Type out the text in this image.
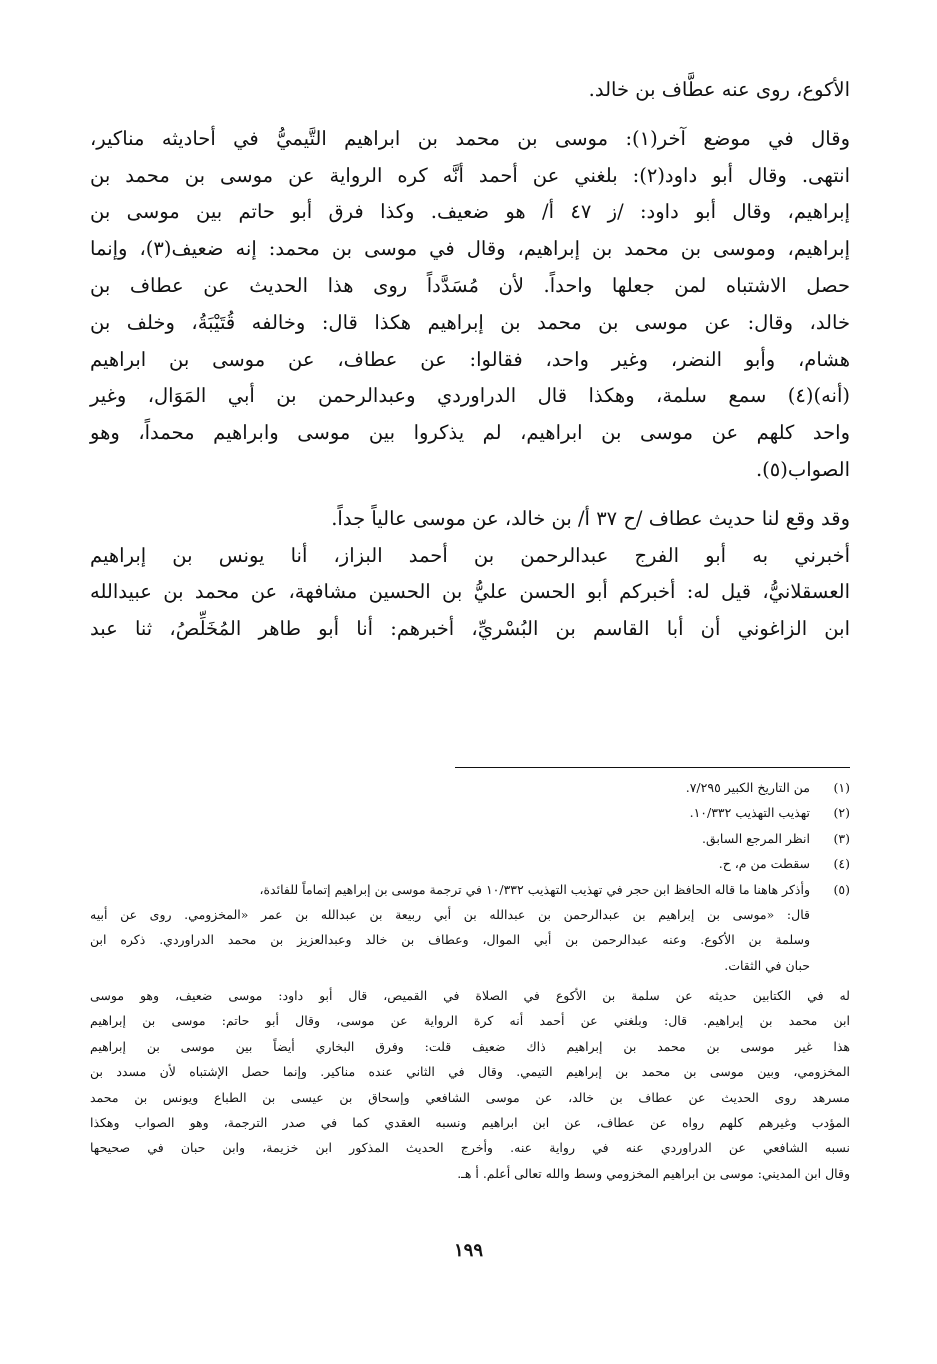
الأكوع، روى عنه عطَّاف بن خالد.

وقال في موضع آخر(١): موسى بن محمد بن ابراهيم التَّيميُّ في أحاديثه مناكير،
انتهى. وقال أبو داود(٢): بلغني عن أحمد أنَّه كره الرواية عن موسى بن محمد بن
إبراهيم، وقال أبو داود: /ز ٤٧ أ/ هو ضعيف. وكذا فرق أبو حاتم بين موسى بن
إبراهيم، وموسى بن محمد بن إبراهيم، وقال في موسى بن محمد: إنه ضعيف(٣)، وإنما
حصل الاشتباه لمن جعلها واحداً. لأن مُسَدَّداً روى هذا الحديث عن عطاف بن
خالد، وقال: عن موسى بن محمد بن إبراهيم هكذا قال: وخالفه قُتَيْبَةُ، وخلف بن
هشام، وأبو النضر، وغير واحد، فقالوا: عن عطاف، عن موسى بن ابراهيم
(أنه)(٤) سمع سلمة، وهكذا قال الدراوردي وعبدالرحمن بن أبي المَوَال، وغير
واحد كلهم عن موسى بن ابراهيم، لم يذكروا بين موسى وابراهيم محمداً، وهو
الصواب(٥).

وقد وقع لنا حديث عطاف /ح ٣٧ أ/ بن خالد، عن موسى عالياً جداً.

أخبرني به أبو الفرج عبدالرحمن بن أحمد البزاز، أنا يونس بن إبراهيم
العسقلانيُّ، قيل له: أخبركم أبو الحسن عليُّ بن الحسين مشافهة، عن محمد بن عبيدالله
ابن الزاغوني أن أبا القاسم بن البُسْريِّ، أخبرهم: أنا أبو طاهر المُخَلِّصُ، ثنا عبد

(١)
من التاريخ الكبير ٧/٢٩٥.
(٢)
تهذيب التهذيب ١٠/٣٣٢.
(٣)
انظر المرجع السابق.
(٤)
سقطت من م، ح.
(٥)
وأذكر هاهنا ما قاله الحافظ ابن حجر في تهذيب التهذيب ١٠/٣٣٢ في ترجمة موسى بن إبراهيم إتماماً للفائدة،
قال: «موسى بن إبراهيم بن عبدالرحمن بن عبدالله بن أبي ربيعة بن عبدالله بن عمر «المخزومي. روى عن أبيه
وسلمة بن الأكوع. وعنه عبدالرحمن بن أبي الموال، وعطاف بن خالد وعبدالعزيز بن محمد الدراوردي. ذكره ابن
حبان في الثقات.
له في الكتابين حديثه عن سلمة بن الأكوع في الصلاة في القميص، قال أبو داود: موسى ضعيف، وهو موسى
ابن محمد بن إبراهيم. قال: وبلغني عن أحمد أنه كرة الرواية عن موسى، وقال أبو حاتم: موسى بن إبراهيم
هذا غير موسى بن محمد بن إبراهيم ذاك ضعيف قلت: وفرق البخاري أيضاً بين موسى بن إبراهيم
المخزومي، وبين موسى بن محمد بن إبراهيم التيمي. وقال في الثاني عنده مناكير. وإنما حصل الإشتباه لأن مسدد بن
مسرهد روى الحديث عن عطاف بن خالد، عن موسى الشافعي وإسحاق بن عيسى بن الطباع ويونس بن محمد
المؤدب وغيرهم كلهم رواه عن عطاف، عن ابن ابراهيم ونسبه العقدي كما في صدر الترجمة، وهو الصواب وهكذا
نسبه الشافعي عن الدراوردي عنه في رواية عنه. وأخرج الحديث المذكور ابن خزيمة، وابن حبان في صحيحها
وقال ابن المديني: موسى بن ابراهيم المخزومي وسط والله تعالى أعلم. أ هـ.
١٩٩
